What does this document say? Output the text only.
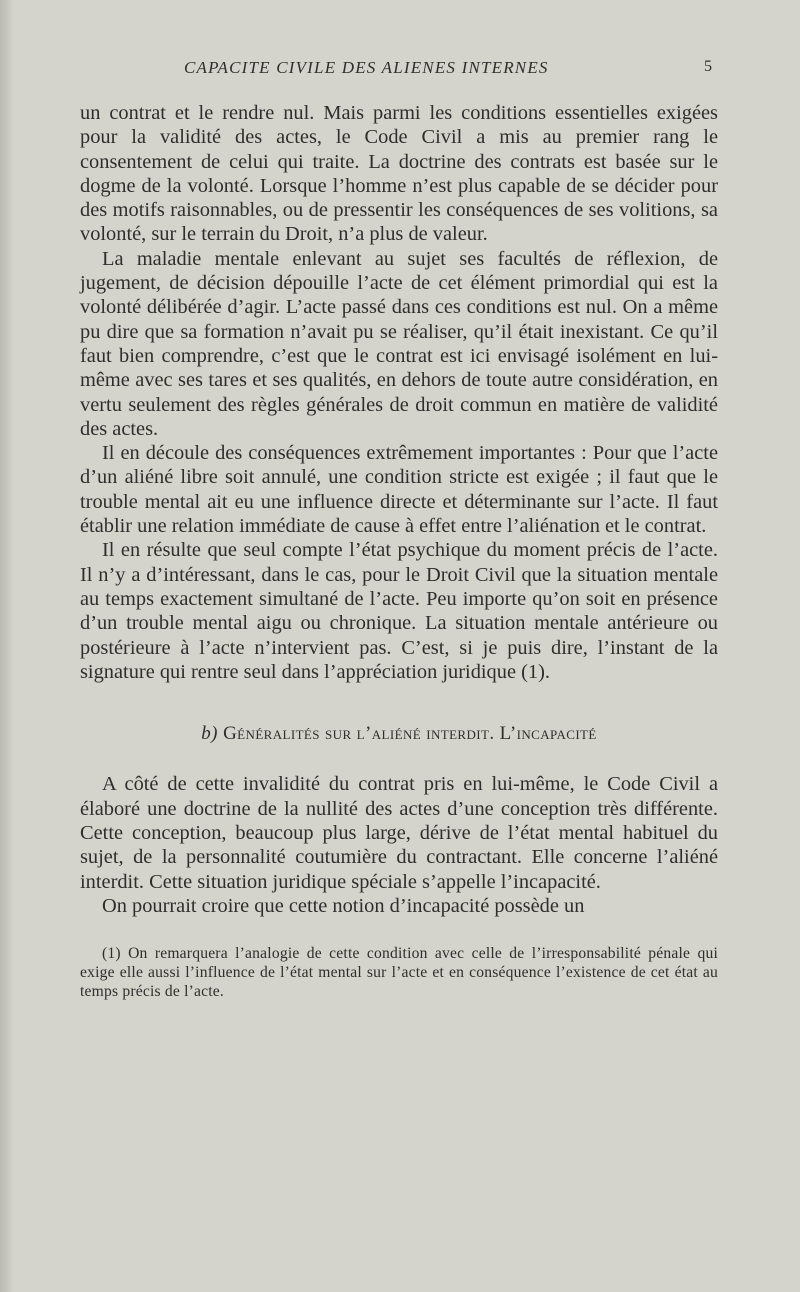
CAPACITE CIVILE DES ALIENES INTERNES	5

un contrat et le rendre nul. Mais parmi les conditions essentielles exigées pour la validité des actes, le Code Civil a mis au premier rang le consentement de celui qui traite. La doctrine des contrats est basée sur le dogme de la volonté. Lorsque l’homme n’est plus capable de se décider pour des motifs raisonnables, ou de pressentir les conséquences de ses volitions, sa volonté, sur le terrain du Droit, n’a plus de valeur.

La maladie mentale enlevant au sujet ses facultés de réflexion, de jugement, de décision dépouille l’acte de cet élément primordial qui est la volonté délibérée d’agir. L’acte passé dans ces conditions est nul. On a même pu dire que sa formation n’avait pu se réaliser, qu’il était inexistant. Ce qu’il faut bien comprendre, c’est que le contrat est ici envisagé isolément en lui-même avec ses tares et ses qualités, en dehors de toute autre considération, en vertu seulement des règles générales de droit commun en matière de validité des actes.

Il en découle des conséquences extrêmement importantes : Pour que l’acte d’un aliéné libre soit annulé, une condition stricte est exigée ; il faut que le trouble mental ait eu une influence directe et déterminante sur l’acte. Il faut établir une relation immédiate de cause à effet entre l’aliénation et le contrat.

Il en résulte que seul compte l’état psychique du moment précis de l’acte. Il n’y a d’intéressant, dans le cas, pour le Droit Civil que la situation mentale au temps exactement simultané de l’acte. Peu importe qu’on soit en présence d’un trouble mental aigu ou chronique. La situation mentale antérieure ou postérieure à l’acte n’intervient pas. C’est, si je puis dire, l’instant de la signature qui rentre seul dans l’appréciation juridique (1).

b) Généralités sur l’aliéné interdit. L’incapacité

A côté de cette invalidité du contrat pris en lui-même, le Code Civil a élaboré une doctrine de la nullité des actes d’une conception très différente. Cette conception, beaucoup plus large, dérive de l’état mental habituel du sujet, de la personnalité coutumière du contractant. Elle concerne l’aliéné interdit. Cette situation juridique spéciale s’appelle l’incapacité.

On pourrait croire que cette notion d’incapacité possède un

(1) On remarquera l’analogie de cette condition avec celle de l’irresponsabilité pénale qui exige elle aussi l’influence de l’état mental sur l’acte et en conséquence l’existence de cet état au temps précis de l’acte.
